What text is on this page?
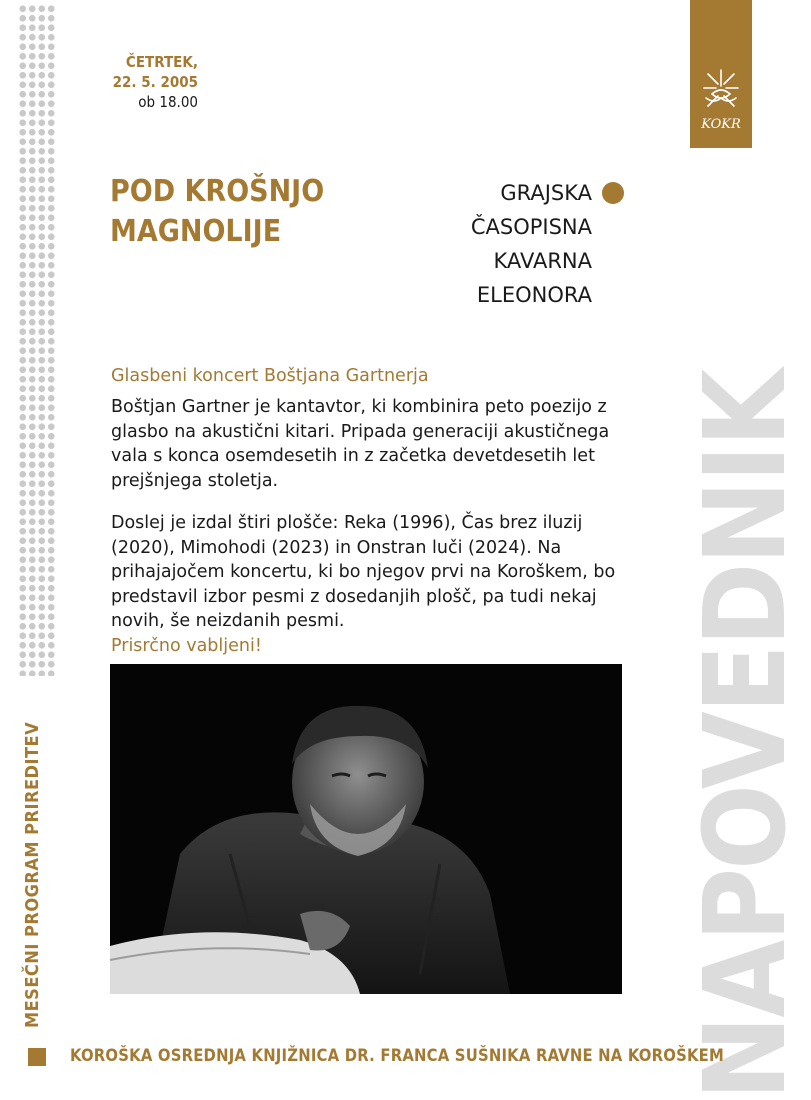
NAPOVEDNIK
KOKR
ČETRTEK,
22. 5. 2005
ob 18.00
POD KROŠNJO
MAGNOLIJE
GRAJSKA
ČASOPISNA
KAVARNA
ELEONORA
Glasbeni koncert Boštjana Gartnerja

Boštjan Gartner je kantavtor, ki kombinira peto poezijo z glasbo na akustični kitari. Pripada generaciji akustičnega vala s konca osemdesetih in z začetka devetdesetih let prejšnjega stoletja.

Doslej je izdal štiri plošče: Reka (1996), Čas brez iluzij (2020), Mimohodi (2023) in Onstran luči (2024). Na prihajajočem koncertu, ki bo njegov prvi na Koroškem, bo predstavil izbor pesmi z dosedanjih plošč, pa tudi nekaj novih, še neizdanih pesmi.

Prisrčno vabljeni!
MESEČNI PROGRAM PRIREDITEV
KOROŠKA OSREDNJA KNJIŽNICA DR. FRANCA SUŠNIKA RAVNE NA KOROŠKEM
